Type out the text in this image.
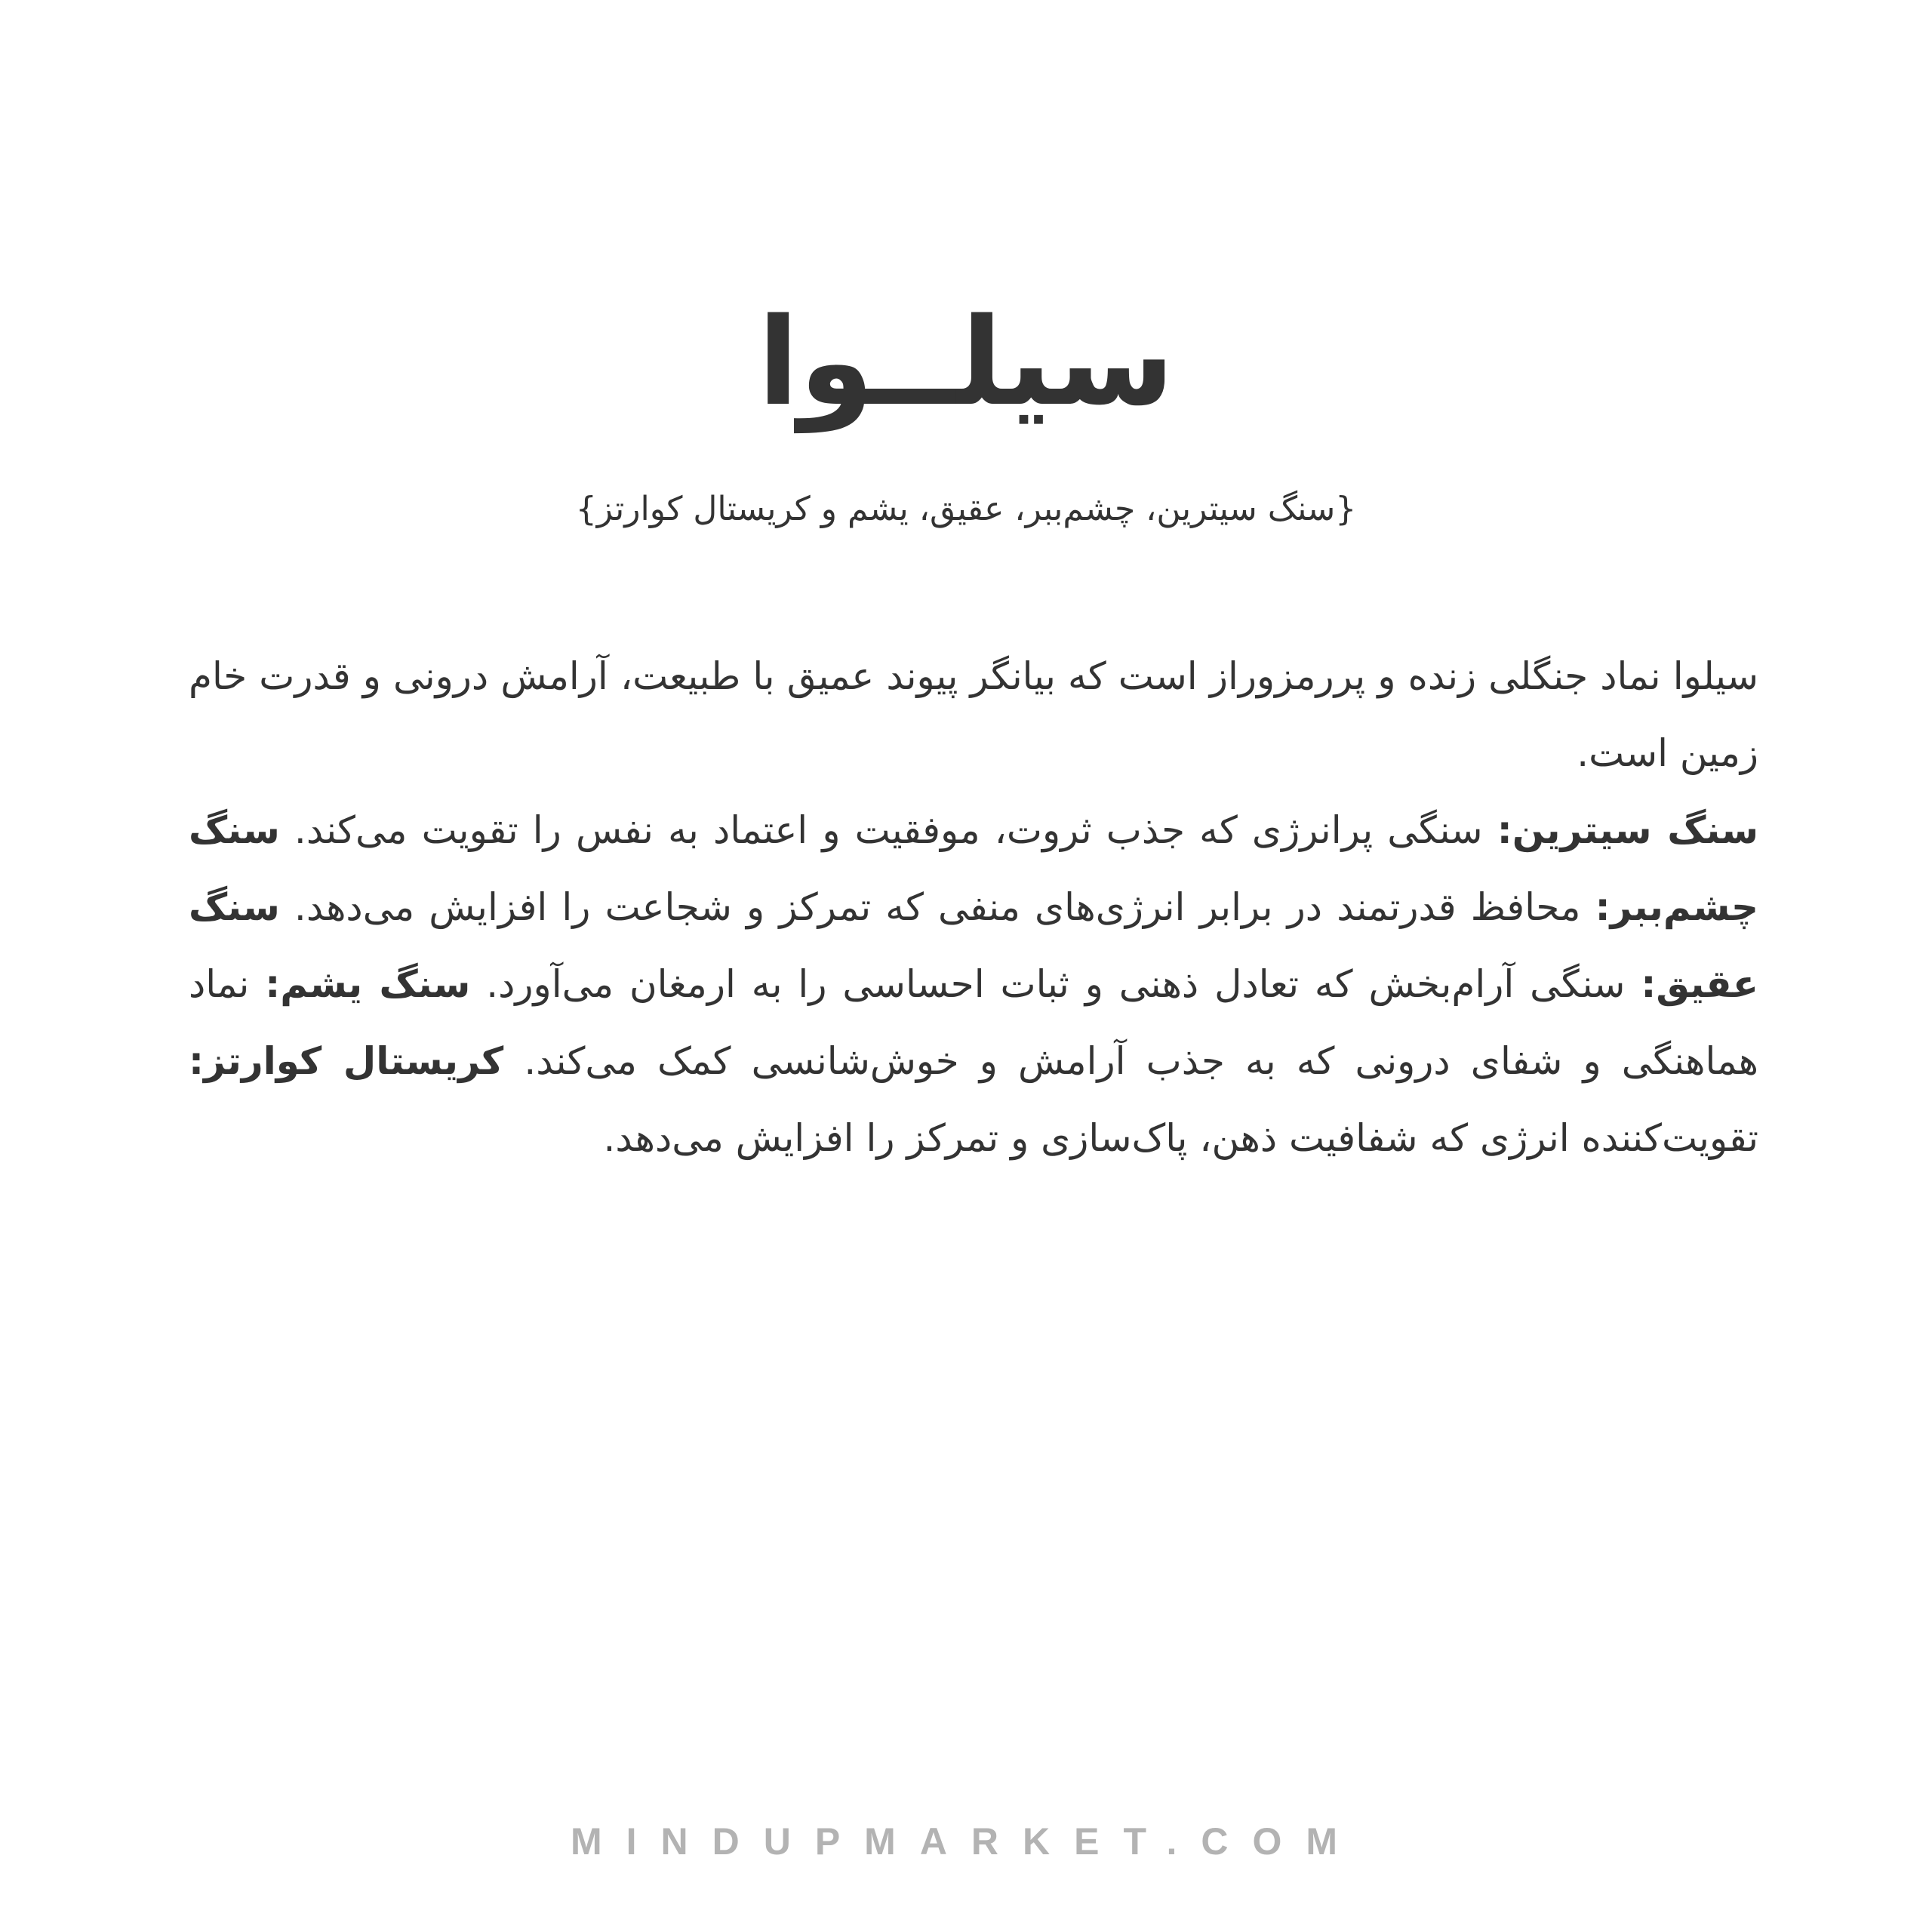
سیلــوا
{سنگ سیترین، چشم‌ببر، عقیق، یشم و کریستال کوارتز}

سیلوا نماد جنگلی زنده و پررمزوراز است که بیانگر پیوند عمیق با طبیعت، آرامش درونی و قدرت خام زمین است.
سنگ سیترین: سنگی پرانرژی که جذب ثروت، موفقیت و اعتماد به نفس را تقویت می‌کند. سنگ چشم‌ببر: محافظ قدرتمند در برابر انرژی‌های منفی که تمرکز و شجاعت را افزایش می‌دهد. سنگ عقیق: سنگی آرام‌بخش که تعادل ذهنی و ثبات احساسی را به ارمغان می‌آورد. سنگ یشم: نماد هماهنگی و شفای درونی که به جذب آرامش و خوش‌شانسی کمک می‌کند. کریستال کوارتز: تقویت‌کننده انرژی که شفافیت ذهن، پاک‌سازی و تمرکز را افزایش می‌دهد.

MINDUPMARKET.COM
